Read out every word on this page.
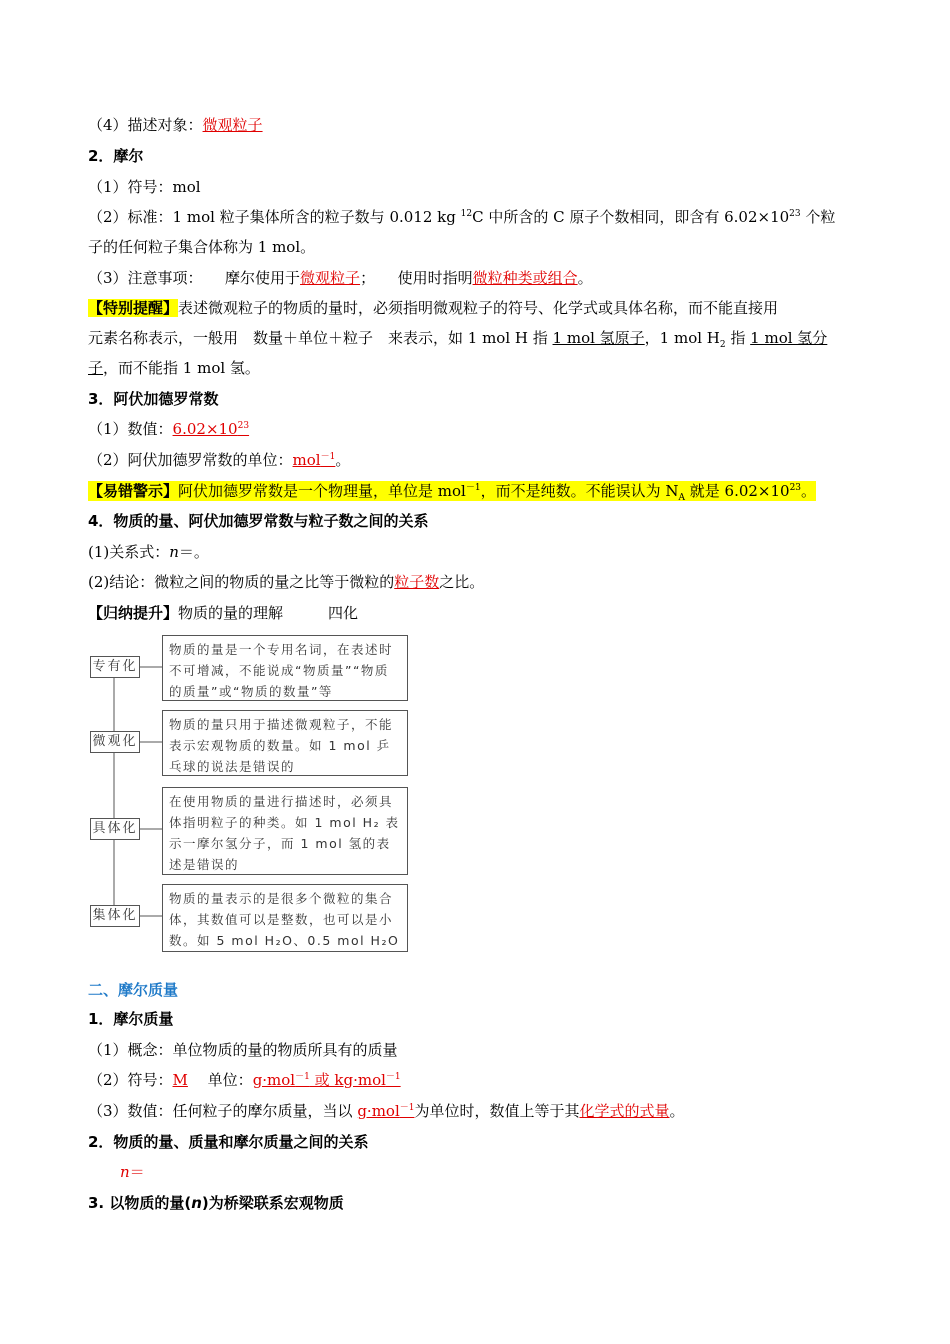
（4）描述对象：微观粒子
2．摩尔
（1）符号：mol
（2）标准：1 mol 粒子集体所含的粒子数与 0.012 kg $^{12}$C 中所含的 C 原子个数相同，即含有 $6.02\times 10^{23}$ 个粒
子的任何粒子集合体称为 1 mol。
（3）注意事项：　　摩尔使用于微观粒子；　　使用时指明微粒种类或组合。
【特别提醒】表述微观粒子的物质的量时，必须指明微观粒子的符号、化学式或具体名称，而不能直接用
元素名称表示，一般用　数量＋单位＋粒子　来表示，如 1 mol H 指 1 mol 氢原子，1 mol $H_2$ 指 1 mol 氢分
子，而不能指 1 mol 氢。
3．阿伏加德罗常数
（1）数值：$6.02\times 10^{23}$
（2）阿伏加德罗常数的单位：mol$^{-1}$。
【易错警示】阿伏加德罗常数是一个物理量，单位是 mol$^{-1}$，而不是纯数。不能误认为 $N_A$ 就是 $6.02\times 10^{23}$。
4．物质的量、阿伏加德罗常数与粒子数之间的关系
(1)关系式：n＝。
(2)结论：微粒之间的物质的量之比等于微粒的粒子数之比。
【归纳提升】物质的量的理解　　　四化
专有化
物质的量是一个专用名词，在表述时不可增减，不能说成“物质量”“物质的质量”或“物质的数量”等
微观化
物质的量只用于描述微观粒子，不能表示宏观物质的数量。如 1 mol 乒乓球的说法是错误的
具体化
在使用物质的量进行描述时，必须具体指明粒子的种类。如 1 mol H₂ 表示一摩尔氢分子，而 1 mol 氢的表述是错误的
集体化
物质的量表示的是很多个微粒的集合体，其数值可以是整数，也可以是小数。如 5 mol H₂O、0.5 mol H₂O
二、摩尔质量
1．摩尔质量
（1）概念：单位物质的量的物质所具有的质量
（2）符号：M　 单位：g·mol$^{-1}$ 或 kg·mol$^{-1}$
（3）数值：任何粒子的摩尔质量，当以 g·mol$^{-1}$为单位时，数值上等于其化学式的式量。
2．物质的量、质量和摩尔质量之间的关系
n＝
3. 以物质的量(n)为桥梁联系宏观物质
